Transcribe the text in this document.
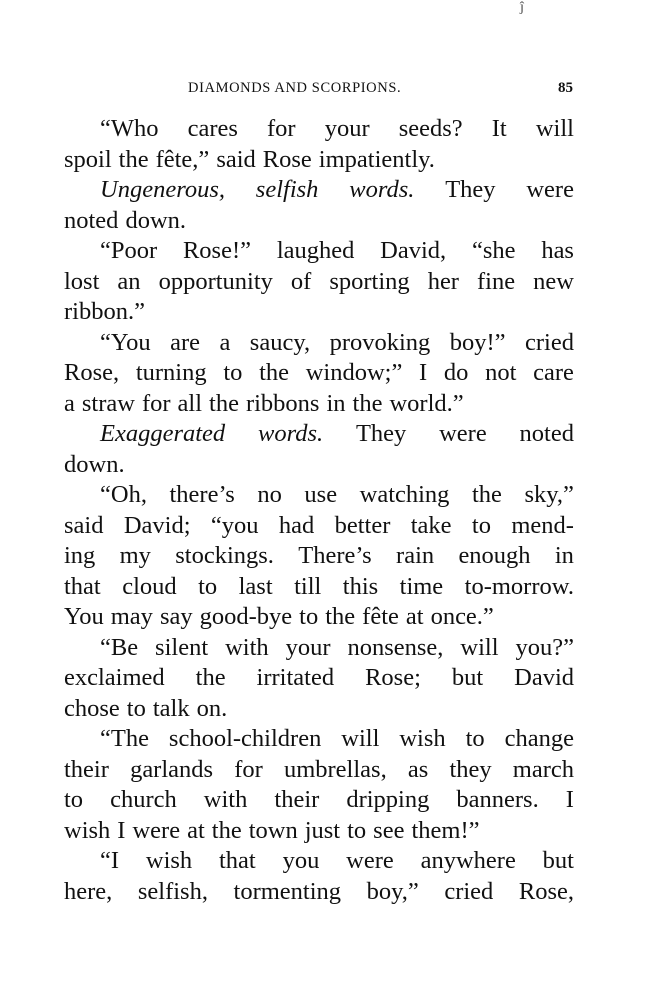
ĵ
DIAMONDS AND SCORPIONS.	85
“Who cares for your seeds? It will
spoil the fête,” said Rose impatiently.
Ungenerous, selfish words. They were
noted down.
“Poor Rose!” laughed David, “she has
lost an opportunity of sporting her fine new
ribbon.”
“You are a saucy, provoking boy!” cried
Rose, turning to the window;” I do not care
a straw for all the ribbons in the world.”
Exaggerated words. They were noted
down.
“Oh, there’s no use watching the sky,”
said David; “you had better take to mend-
ing my stockings. There’s rain enough in
that cloud to last till this time to-morrow.
You may say good-bye to the fête at once.”
“Be silent with your nonsense, will you?”
exclaimed the irritated Rose; but David
chose to talk on.
“The school-children will wish to change
their garlands for umbrellas, as they march
to church with their dripping banners. I
wish I were at the town just to see them!”
“I wish that you were anywhere but
here, selfish, tormenting boy,” cried Rose,
